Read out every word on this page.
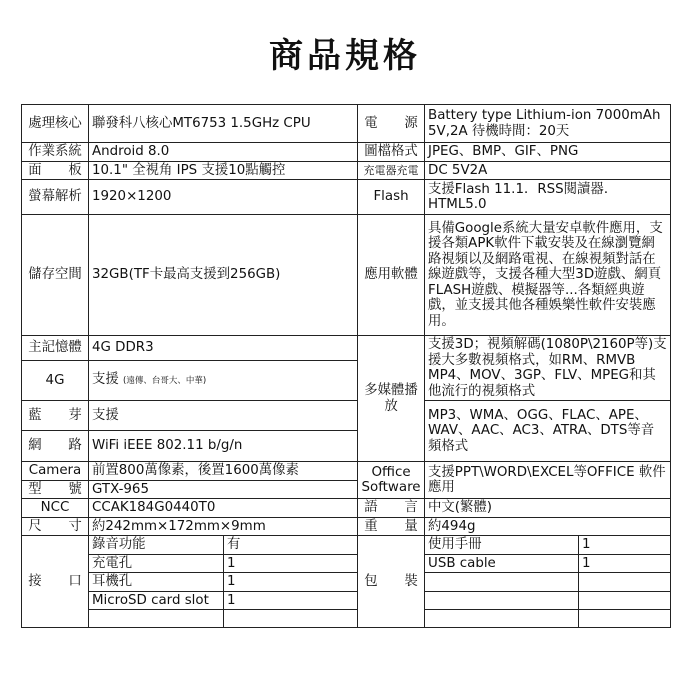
商品規格
處理核心	聯發科八核心MT6753 1.5GHz CPU		電　　源	Battery type Lithium-ion 7000mAh 5V,2A 待機時間：20天	
作業系統	Android 8.0		圖檔格式	JPEG、BMP、GIF、PNG	
面　　板	10.1" 全視角 IPS 支援10點觸控		充電器充電	DC 5V2A	
螢幕解析	1920×1200		Flash	支援Flash 11.1．RSS閱讀器．HTML5.0	
儲存空間	32GB(TF卡最高支援到256GB)		應用軟體	具備Google系統大量安卓軟件應用，支援各類APK軟件下載安裝及在線瀏覽網路視頻以及網路電視、在線視頻對話在線遊戲等，支援各種大型3D遊戲、網頁FLASH遊戲、模擬器等...各類經典遊戲，並支援其他各種娛樂性軟件安裝應用。	
主記憶體	4G DDR3		多媒體播放	支援3D；視頻解碼(1080P\2160P等)支援大多數視頻格式，如RM、RMVB MP4、MOV、3GP、FLV、MPEG和其他流行的視頻格式	
4G	支援 (遠傳、台哥大、中華)				
藍　　芽	支援			MP3、WMA、OGG、FLAC、APE、WAV、AAC、AC3、ATRA、DTS等音頻格式	
網　　路	WiFi iEEE 802.11 b/g/n				
Camera	前置800萬像素，後置1600萬像素		Office Software	支援PPT\WORD\EXCEL等OFFICE 軟件應用	
型　　號	GTX-965				
NCC	CCAK184G0440T0		語　　言	中文(繁體)	
尺　　寸	約242mm×172mm×9mm		重　　量	約494g	
接　　口	錄音功能	有	包　　裝	使用手冊	1
	充電孔	1		USB cable	1
	耳機孔	1			
	MicroSD card slot	1			
